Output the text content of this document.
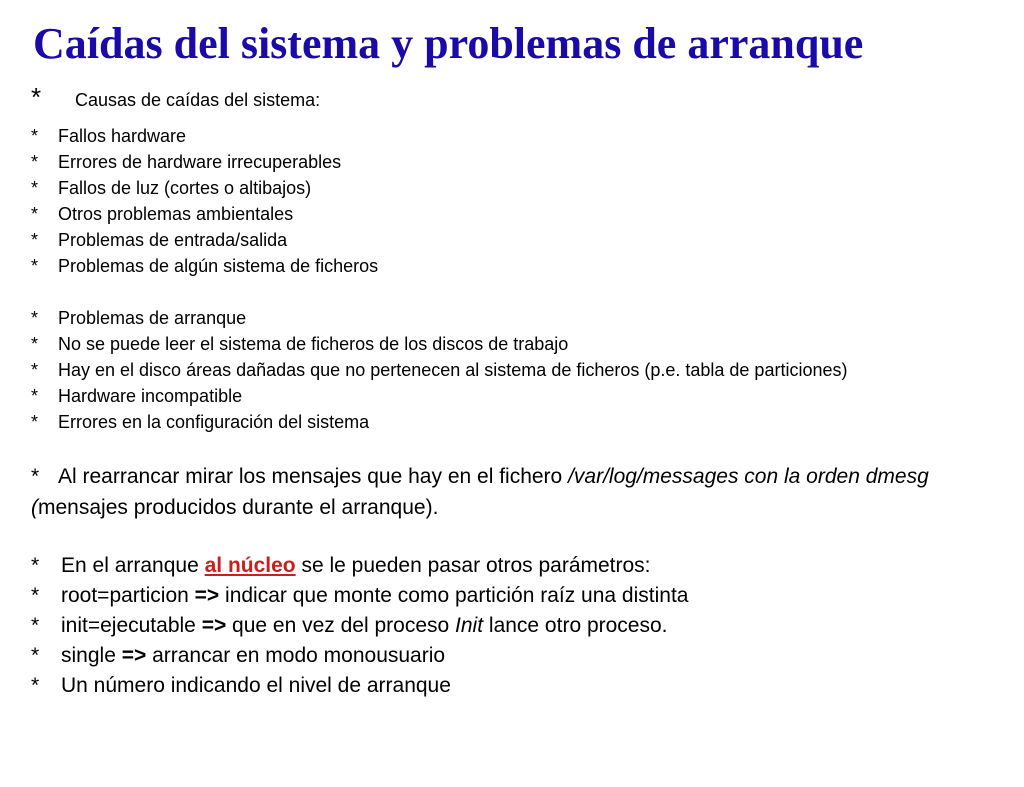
Caídas del sistema y problemas de arranque
* Causas de caídas del sistema:
* Fallos hardware
* Errores de hardware irrecuperables
* Fallos de luz (cortes o altibajos)
* Otros problemas ambientales
* Problemas de entrada/salida
* Problemas de algún sistema de ficheros
* Problemas de arranque
* No se puede leer el sistema de ficheros de los discos de trabajo
* Hay en el disco áreas dañadas que no pertenecen al sistema de ficheros (p.e. tabla de particiones)
* Hardware incompatible
* Errores en la configuración del sistema
* Al rearrancar mirar los mensajes que hay en el fichero /var/log/messages con la orden dmesg (mensajes producidos durante el arranque).
* En el arranque al núcleo se le pueden pasar otros parámetros:
* root=particion => indicar que monte como partición raíz una distinta
* init=ejecutable => que en vez del proceso Init lance otro proceso.
* single => arrancar en modo monousuario
* Un número indicando el nivel de arranque
